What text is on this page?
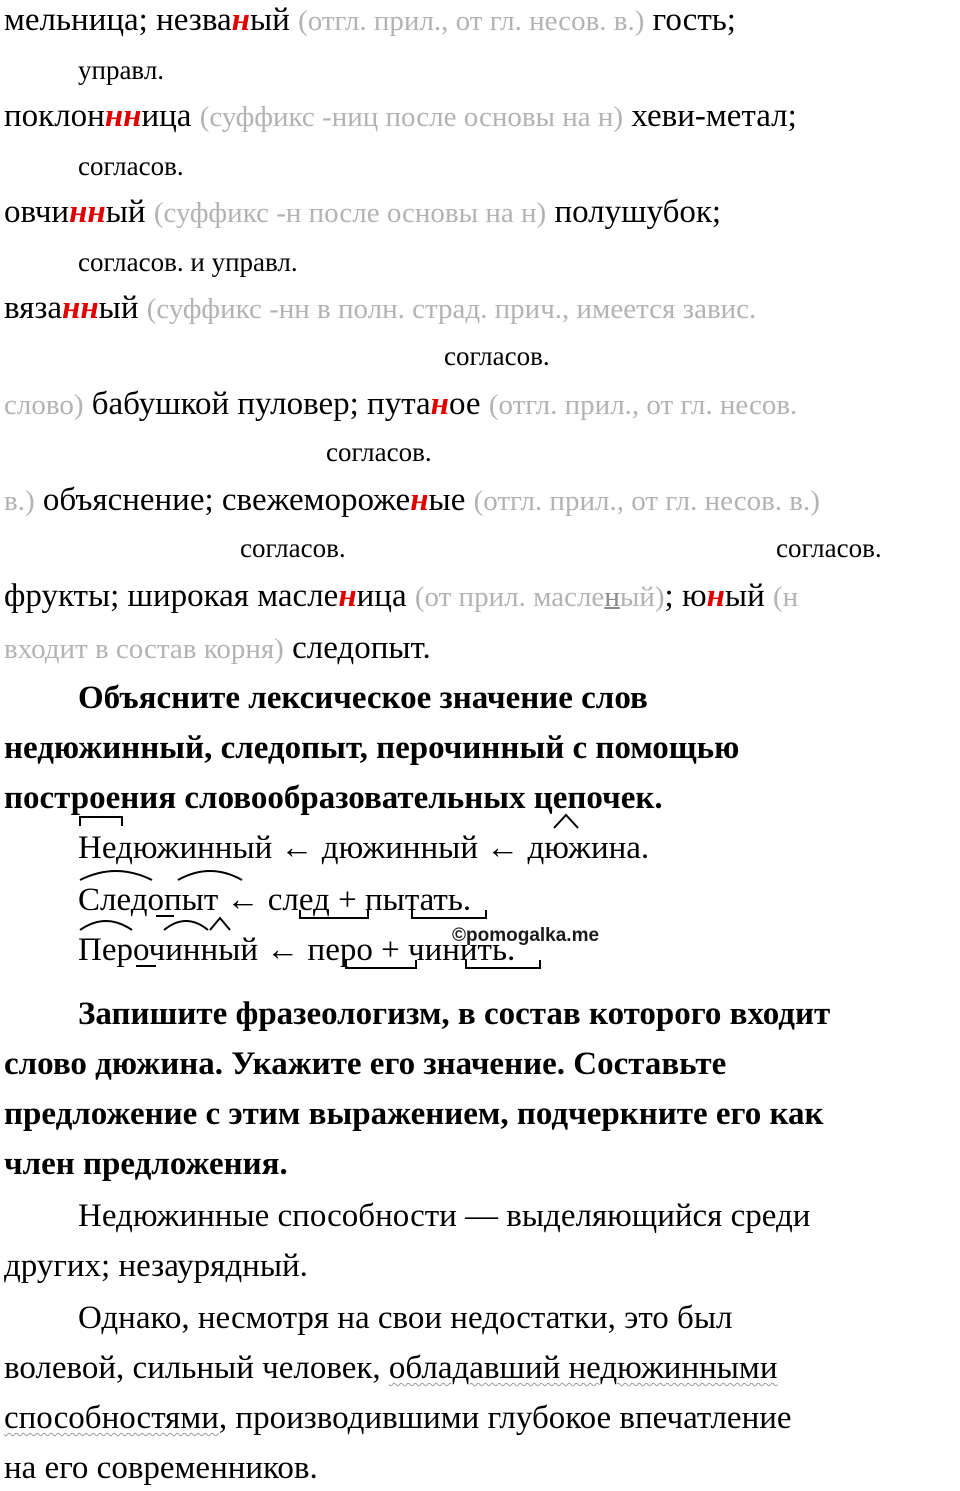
мельница; незваный (отгл. прил., от гл. несов. в.) гость;
управл.
поклоннница (суффикс -ниц после основы на н) хеви-метал;
согласов.
овчинный (суффикс -н после основы на н) полушубок;
согласов. и управл.
вязанный (суффикс -нн в полн. страд. прич., имеется завис.
согласов.
слово) бабушкой пуловер; путаное (отгл. прил., от гл. несов.
согласов.
в.) объяснение; свежемороженые (отгл. прил., от гл. несов. в.)
согласов.	согласов.
фрукты; широкая масленица (от прил. масленый); юный (н
входит в состав корня) следопыт.
Объясните лексическое значение слов
недюжинный, следопыт, перочинный с помощью
построения словообразовательных цепочек.
Недюжинный ← дюжинный ← дюжина.
Следопыт ← след + пытать.
Перочинный ← перо + чинить.
©pomogalka.me
Запишите фразеологизм, в состав которого входит
слово дюжина. Укажите его значение. Составьте
предложение с этим выражением, подчеркните его как
член предложения.
Недюжинные способности — выделяющийся среди
других; незаурядный.
Однако, несмотря на свои недостатки, это был
волевой, сильный человек, обладавший недюжинными
способностями, производившими глубокое впечатление
на его современников.
